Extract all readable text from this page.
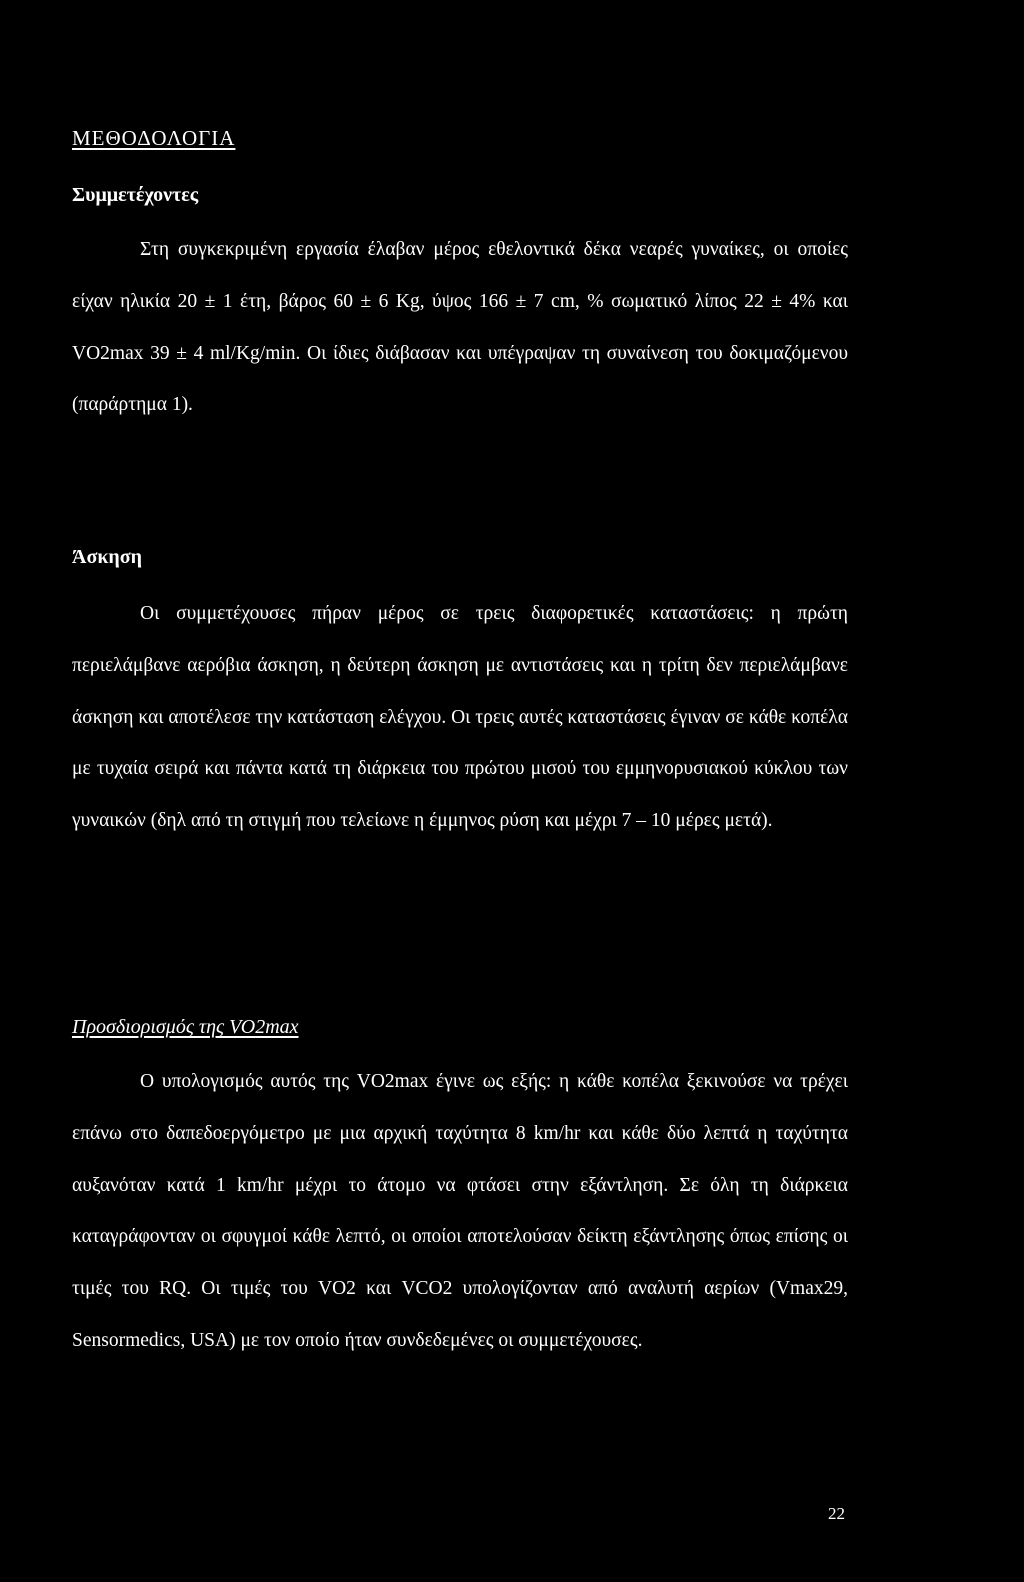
ΜΕΘΟΔΟΛΟΓΙΑ
Συμμετέχοντες

Στη συγκεκριμένη εργασία έλαβαν μέρος εθελοντικά δέκα νεαρές γυναίκες, οι οποίες είχαν ηλικία 20 ± 1 έτη, βάρος 60 ± 6 Kg, ύψος 166 ± 7 cm, % σωματικό λίπος 22 ± 4% και VO2max 39 ± 4 ml/Kg/min. Οι ίδιες διάβασαν και υπέγραψαν τη συναίνεση του δοκιμαζόμενου (παράρτημα 1).

Άσκηση

Οι συμμετέχουσες πήραν μέρος σε τρεις διαφορετικές καταστάσεις: η πρώτη περιελάμβανε αερόβια άσκηση, η δεύτερη άσκηση με αντιστάσεις και η τρίτη δεν περιελάμβανε άσκηση και αποτέλεσε την κατάσταση ελέγχου. Οι τρεις αυτές καταστάσεις έγιναν σε κάθε κοπέλα με τυχαία σειρά και πάντα κατά τη διάρκεια του πρώτου μισού του εμμηνορυσιακού κύκλου των γυναικών (δηλ από τη στιγμή που τελείωνε η έμμηνος ρύση και μέχρι 7 – 10 μέρες μετά).

Προσδιορισμός της VO2max

Ο υπολογισμός αυτός της VO2max έγινε ως εξής: η κάθε κοπέλα ξεκινούσε να τρέχει επάνω στο δαπεδοεργόμετρο με μια αρχική ταχύτητα 8 km/hr και κάθε δύο λεπτά η ταχύτητα αυξανόταν κατά 1 km/hr μέχρι το άτομο να φτάσει στην εξάντληση. Σε όλη τη διάρκεια καταγράφονταν οι σφυγμοί κάθε λεπτό, οι οποίοι αποτελούσαν δείκτη εξάντλησης όπως επίσης οι τιμές του RQ. Οι τιμές του VO2 και VCO2 υπολογίζονταν από αναλυτή αερίων (Vmax29, Sensormedics, USA) με τον οποίο ήταν συνδεδεμένες οι συμμετέχουσες.

22
